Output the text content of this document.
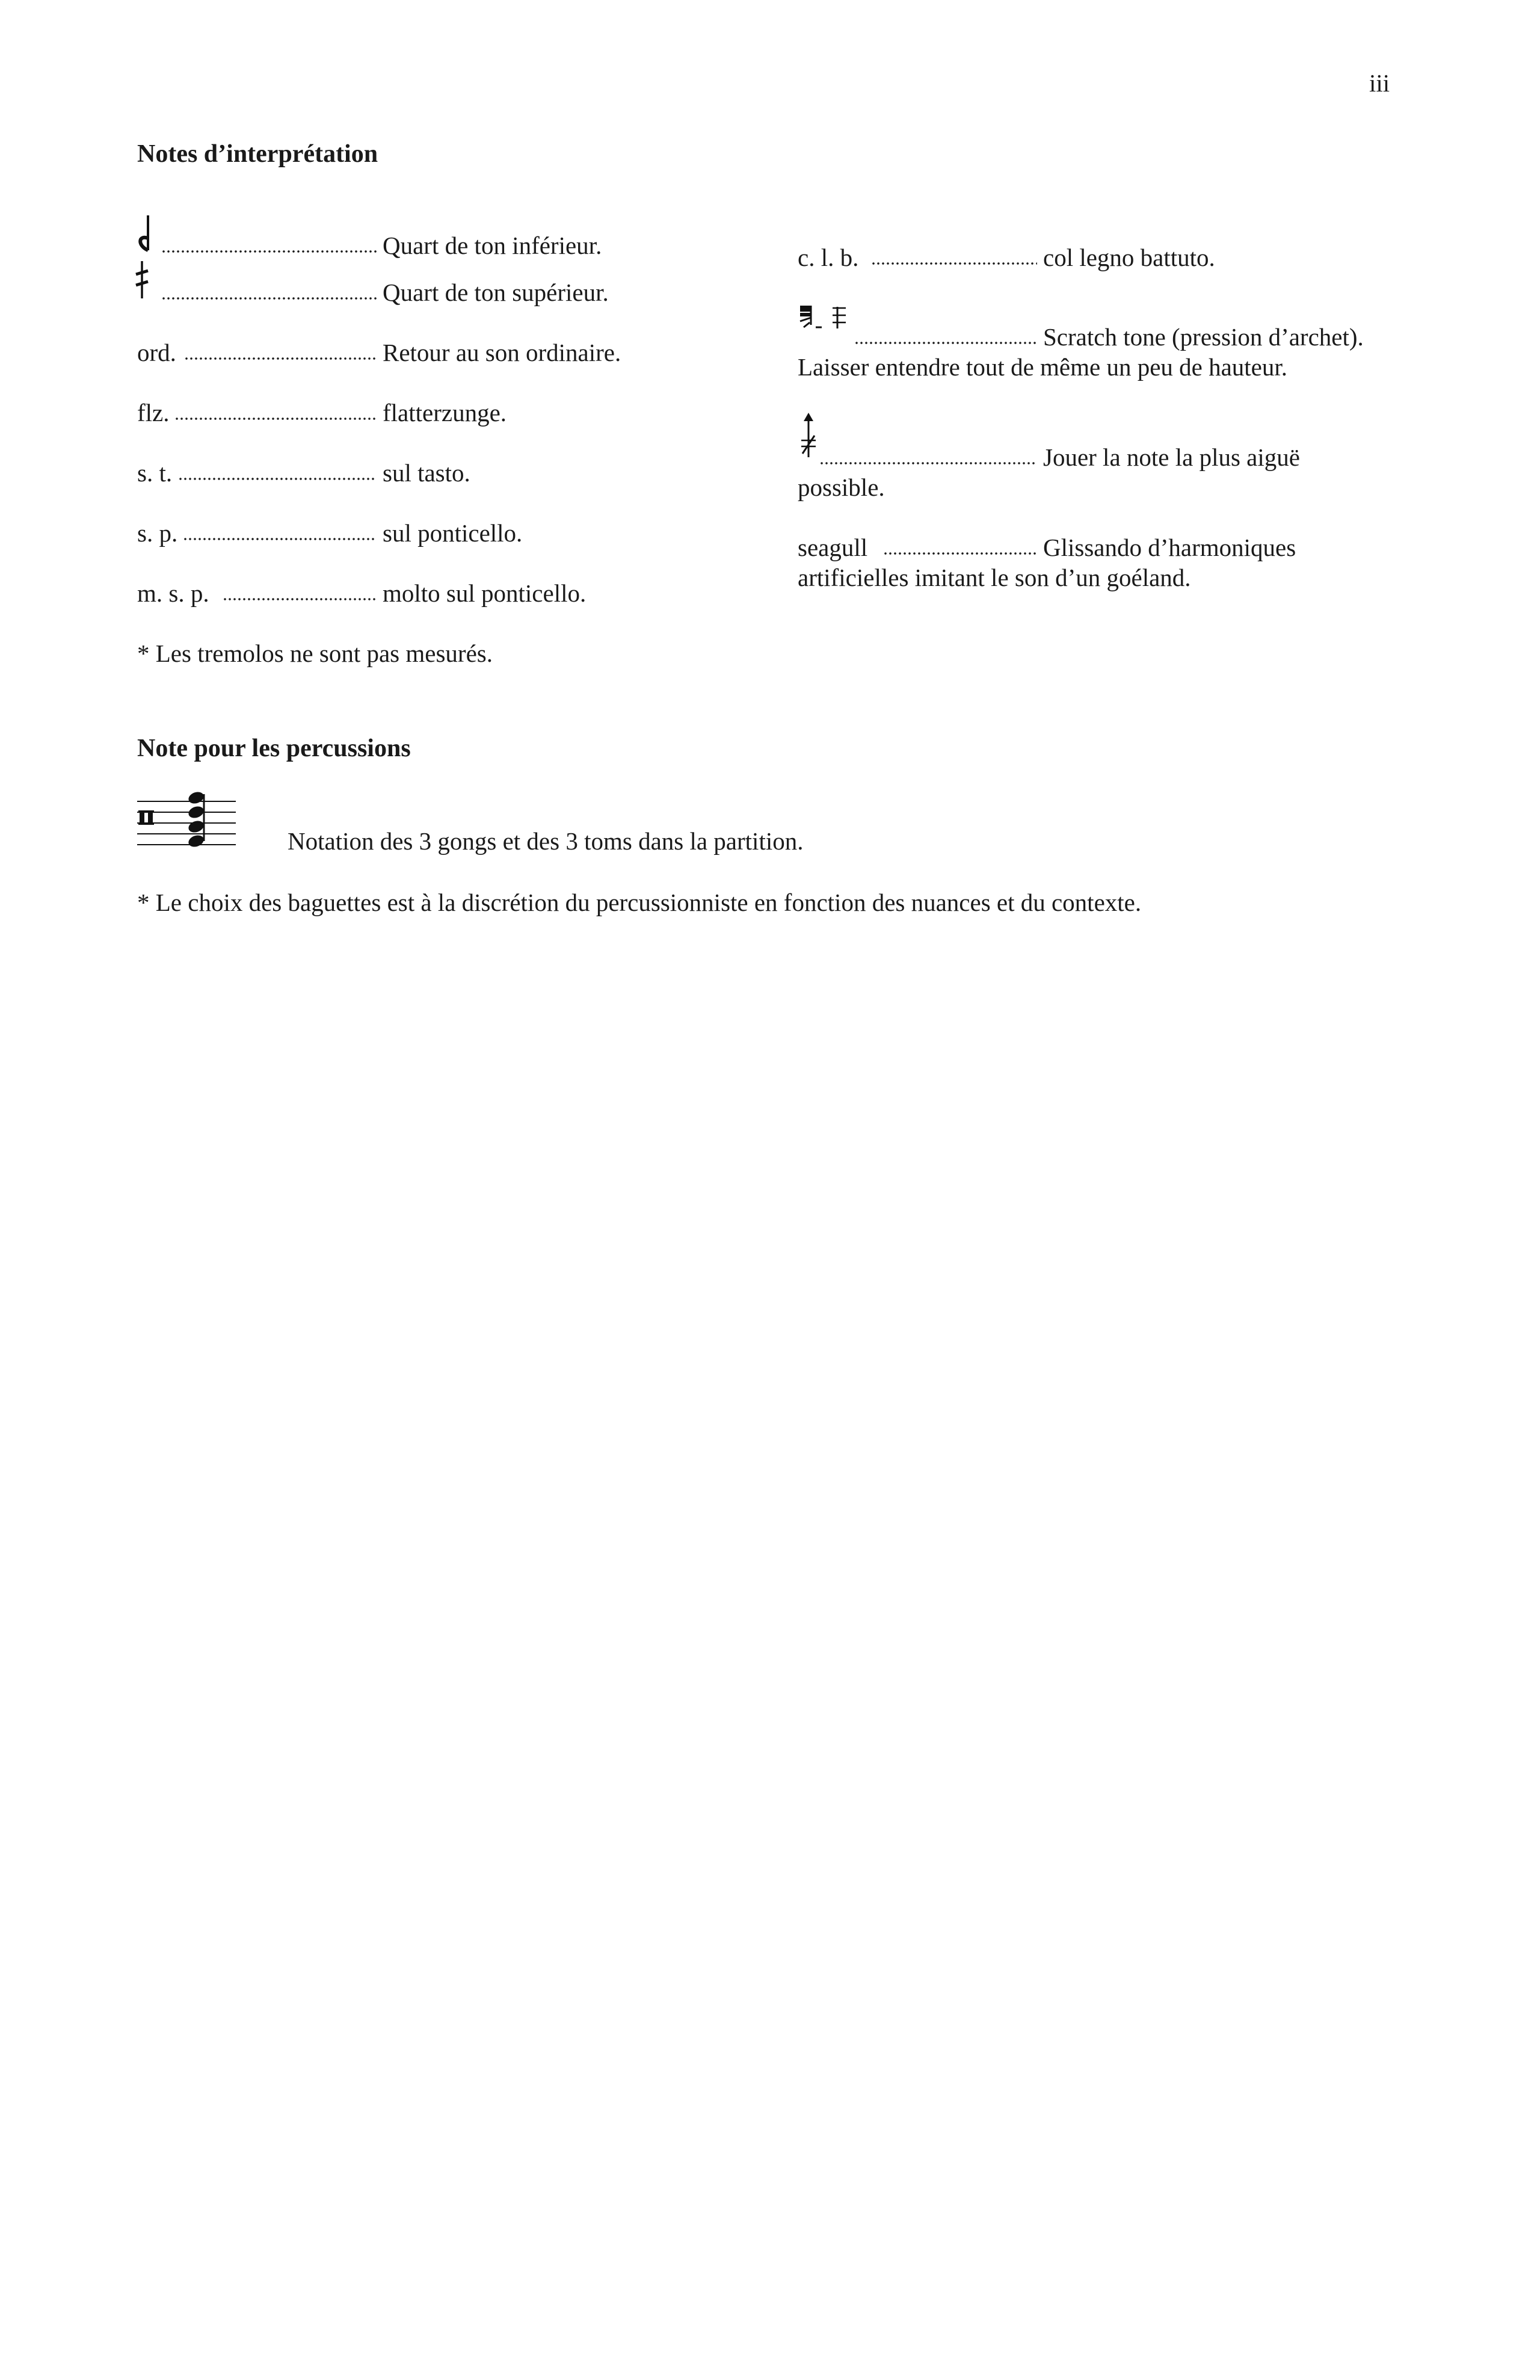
iii
Notes d’interprétation
Quart de ton inférieur.
Quart de ton supérieur.
ord.	Retour au son ordinaire.
flz.	flatterzunge.
s. t.	sul tasto.
s. p.	sul ponticello.
m. s. p.	molto sul ponticello.
* Les tremolos ne sont pas mesurés.
c. l. b.	col legno battuto.
Scratch tone (pression d’archet).
Laisser entendre tout de même un peu de hauteur.
Jouer la note la plus aiguë
possible.
seagull	Glissando d’harmoniques
artificielles imitant le son d’un goéland.
Note pour les percussions
Notation des 3 gongs et des 3 toms dans la partition.
* Le choix des baguettes est à la discrétion du percussionniste en fonction des nuances et du contexte.
